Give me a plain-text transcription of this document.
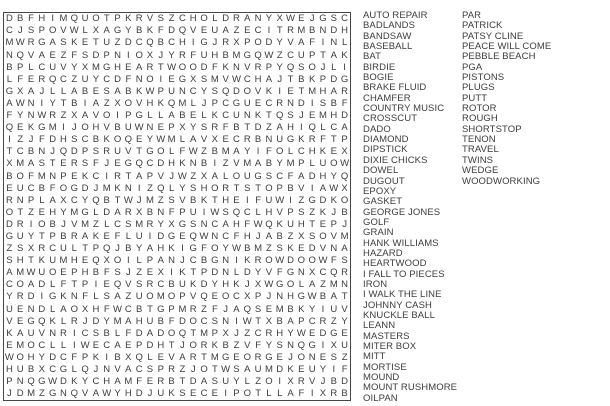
D B F H I M Q U O T P K R V S Z C H O L D R A N Y X W E J G S C
C J S P O V W L X A G Y B K F D Q V E U A Z E C I T R M B N D H
M W R G A S K E T U Z D C Q B C H I G J R X P O D Y V A F I N L
N Q V A E Z F S D P N I O X J Y R F U H B M G Q W Z C U P T A K
B P L C U V Y X M G H E A R T W O O D F K N V R P Y Q S O J L I
L F E R Q C Z U Y C D F N O I E G X S M V W C H A J T B K P D G
G X A J L L A B E S A B K W P U N C Y S Q D O V K I E T M H A R
A W N I Y T B I A Z X O V H K Q M L J P C G U E C R N D I S B F
F Y N W R Z X A V O I P G L L A B E L K C U N K T Q S J E M H D
Q E K G M I J O H V B U W N E P X Y S R F B T D Z A H I Q L C A
I Z J F D H S C B K O Q E Y W M L A V X E C R B N U G K R F T P
T C B N J Q D P S R U V T G O L F W Z B M A Y I F O L C H K E X
X M A S T E R S F J E G Q C D H K N B I Z V M A B Y M P L U O W
B O F M N P E K C I R T A P V J W Z X A L O U G S C F A D H Y Q
E U C B F O G D J M K N I Z Q L Y S H O R T S T O P B V I A W X
R N P L A X C Y Q B T W J M Z S V B K T H E I F U W I Z G D K O
O T Z E H Y M G L D A R X B N F P U I W S Q C L H V P S Z K J B
D R I O B J V M Z L C S M R Y X G S N C A H F W Q K U H T E P J
G U Y T P B R A K E F L U I D G E Q W N C F H J A B Z X S O V M
Z S X R C U L T P Q J B Y A H K I G F O Y W B M Z S K E D V N A
S H T K U M H E Q X O I L P A N J C B G N I K R O W D O O W F S
A M W U O E P H B F S J Z E X I K T P D N L D Y V F G N X C Q R
C O A D L F T P I E Q V S R C B U K D Y H K J X W G O L A Z M N
Y R D I G K N F L S A Z U O M O P V Q E O C X P J N H G W B A T
U E N D L A O X H F W C B T G P M R Z F J A Q S E M B K Y I U V
V E G Q K L R J D Y M A H U B F D O C S N I W T X B A P C R Z Y
K A U V N R I C S B L F D A D O Q T M P X J Z C R H Y W E D G E
E M O C L L I W E C A E P D H T J O R K B Z V F Y S N Q G I X U
W O H Y D C F P K I B X Q L E V A R T M G E O R G E J O N E S Z
H U B X C G L Q J N V A C S P R Z J O T W S A U M D K E U Y I F
P N Q G W D K Y C H A M F E R B T D A S U Y L Z O I X R V J B D
J D M Z G N Q V A W Y H D J U K S E C E I P O T L L A F I X R B
AUTO REPAIR
BADLANDS
BANDSAW
BASEBALL
BAT
BIRDIE
BOGIE
BRAKE FLUID
CHAMFER
COUNTRY MUSIC
CROSSCUT
DADO
DIAMOND
DIPSTICK
DIXIE CHICKS
DOWEL
DUGOUT
EPOXY
GASKET
GEORGE JONES
GOLF
GRAIN
HANK WILLIAMS
HAZARD
HEARTWOOD
I FALL TO PIECES
IRON
I WALK THE LINE
JOHNNY CASH
KNUCKLE BALL
LEANN
MASTERS
MITER BOX
MITT
MORTISE
MOUND
MOUNT RUSHMORE
OILPAN
PAR
PATRICK
PATSY CLINE
PEACE WILL COME
PEBBLE BEACH
PGA
PISTONS
PLUGS
PUTT
ROTOR
ROUGH
SHORTSTOP
TENON
TRAVEL
TWINS
WEDGE
WOODWORKING
